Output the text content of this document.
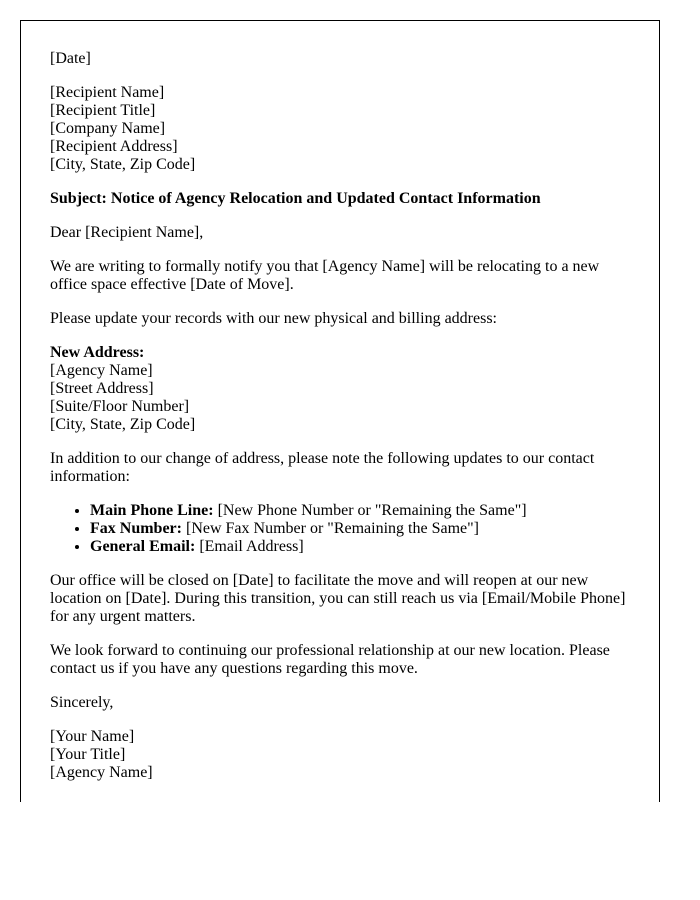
[Date]

[Recipient Name]
[Recipient Title]
[Company Name]
[Recipient Address]
[City, State, Zip Code]

Subject: Notice of Agency Relocation and Updated Contact Information

Dear [Recipient Name],

We are writing to formally notify you that [Agency Name] will be relocating to a new office space effective [Date of Move].

Please update your records with our new physical and billing address:

New Address:
[Agency Name]
[Street Address]
[Suite/Floor Number]
[City, State, Zip Code]

In addition to our change of address, please note the following updates to our contact information:

• Main Phone Line: [New Phone Number or "Remaining the Same"]
• Fax Number: [New Fax Number or "Remaining the Same"]
• General Email: [Email Address]

Our office will be closed on [Date] to facilitate the move and will reopen at our new location on [Date]. During this transition, you can still reach us via [Email/Mobile Phone] for any urgent matters.

We look forward to continuing our professional relationship at our new location. Please contact us if you have any questions regarding this move.

Sincerely,

[Your Name]
[Your Title]
[Agency Name]
